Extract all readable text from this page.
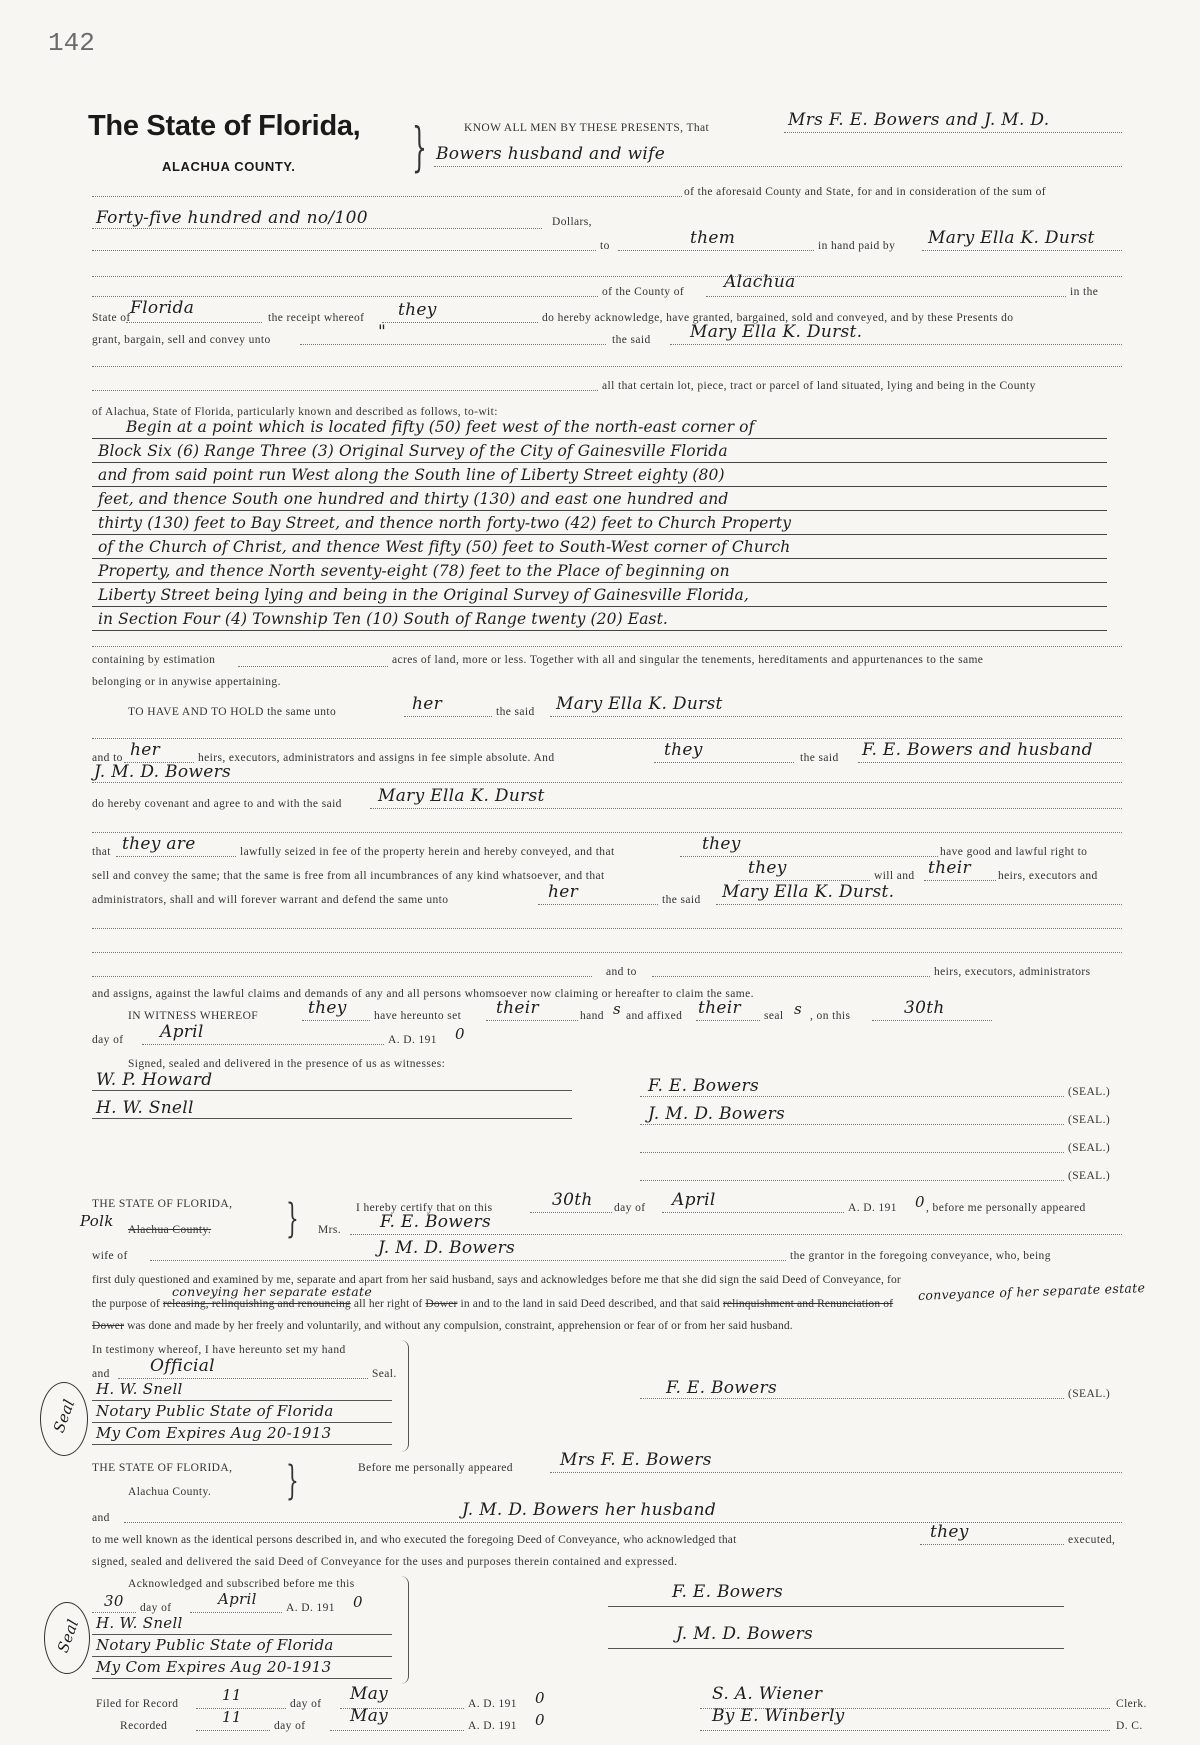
142
The State of Florida,
ALACHUA COUNTY. }	KNOW ALL MEN BY THESE PRESENTS, That	Mrs F. E. Bowers and J. M. D.
Bowers husband and wife
of the aforesaid County and State, for and in consideration of the sum of
Forty-five hundred and no/100	Dollars,
to	them	in hand paid by Mary Ella K. Durst
of the County of Alachua	in the
State of Florida	the receipt whereof they	do hereby acknowledge, have granted, bargained, sold and conveyed, and by these Presents do
grant, bargain, sell and convey unto	"	the said Mary Ella K. Durst.
all that certain lot, piece, tract or parcel of land situated, lying and being in the County
of Alachua, State of Florida, particularly known and described as follows, to-wit:
Begin at a point which is located fifty (50) feet west of the north-east corner of
Block Six (6) Range Three (3) Original Survey of the City of Gainesville Florida
and from said point run West along the South line of Liberty Street eighty (80)
feet, and thence South one hundred and thirty (130) and east one hundred and
thirty (130) feet to Bay Street, and thence north forty-two (42) feet to Church Property
of the Church of Christ, and thence West fifty (50) feet to South-West corner of Church
Property, and thence North seventy-eight (78) feet to the Place of beginning on
Liberty Street being lying and being in the Original Survey of Gainesville Florida,
in Section Four (4) Township Ten (10) South of Range twenty (20) East.
containing by estimation	acres of land, more or less. Together with all and singular the tenements, hereditaments and appurtenances to the same
belonging or in anywise appertaining.
TO HAVE AND TO HOLD the same unto	her	the said Mary Ella K. Durst
and to her	heirs, executors, administrators and assigns in fee simple absolute. And	they	the said F. E. Bowers and husband
J. M. D. Bowers
do hereby covenant and agree to and with the said Mary Ella K. Durst
that they are	lawfully seized in fee of the property herein and hereby conveyed, and that	they	have good and lawful right to
sell and convey the same; that the same is free from all incumbrances of any kind whatsoever, and that	they	will and their heirs, executors and
administrators, shall and will forever warrant and defend the same unto	her	the said Mary Ella K. Durst.
and to	heirs, executors, administrators
and assigns, against the lawful claims and demands of any and all persons whomsoever now claiming or hereafter to claim the same.
IN WITNESS WHEREOF	they have hereunto set their	hand s and affixed their seal s , on this	30th
day of April	A. D. 191 0
Signed, sealed and delivered in the presence of us as witnesses:
W. P. Howard
H. W. Snell
F. E. Bowers	(SEAL.)
J. M. D. Bowers	(SEAL.)
(SEAL.)
(SEAL.)
THE STATE OF FLORIDA,
Polk Alachua County. }	I hereby certify that on this	30th day of April	A. D. 191 0 , before me personally appeared
Mrs. F. E. Bowers
wife of	J. M. D. Bowers	the grantor in the foregoing conveyance, who, being
first duly questioned and examined by me, separate and apart from her said husband, says and acknowledges before me that she did sign the said Deed of Conveyance, for
conveying her separate estate	conveyance of her separate estate
the purpose of releasing, relinquishing and renouncing all her right of Dower in and to the land in said Deed described, and that said relinquishment and Renunciation of
Dower was done and made by her freely and voluntarily, and without any compulsion, constraint, apprehension or fear of or from her said husband.
In testimony whereof, I have hereunto set my hand
and Official	Seal.
H. W. Snell
Notary Public State of Florida
My Com Expires Aug 20-1913
Seal
F. E. Bowers	(SEAL.)
THE STATE OF FLORIDA,
Alachua County. }	Before me personally appeared	Mrs F. E. Bowers
and	J. M. D. Bowers her husband
to me well known as the identical persons described in, and who executed the foregoing Deed of Conveyance, who acknowledged that	they	executed,
signed, sealed and delivered the said Deed of Conveyance for the uses and purposes therein contained and expressed.
Acknowledged and subscribed before me this
30 day of	April	A. D. 191 0
H. W. Snell
Notary Public State of Florida
My Com Expires Aug 20-1913
Seal
F. E. Bowers
J. M. D. Bowers
Filed for Record	11	day of May	A. D. 191 0	S. A. Wiener	Clerk.
Recorded	11	day of	May	A. D. 191 0	By E. Winberly	D. C.
